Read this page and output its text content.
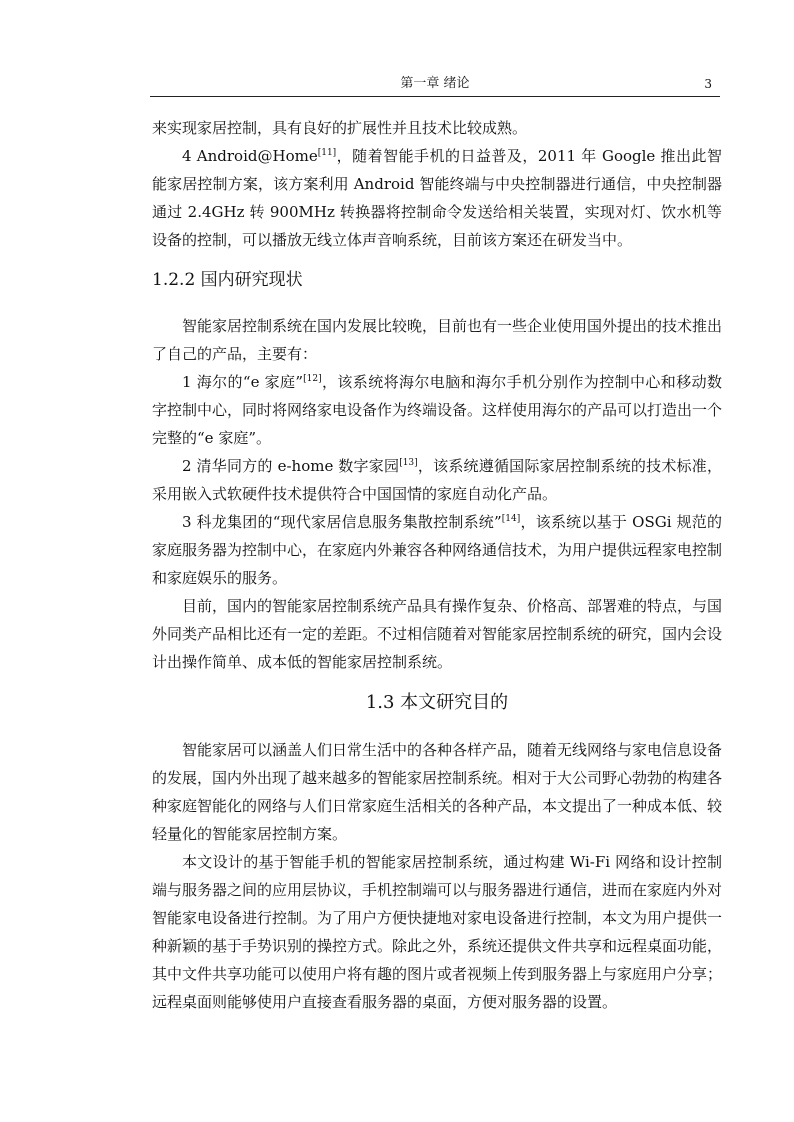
第一章 绪论	3

来实现家居控制，具有良好的扩展性并且技术比较成熟。

4 Android@Home[11]，随着智能手机的日益普及，2011 年 Google 推出此智能家居控制方案，该方案利用 Android 智能终端与中央控制器进行通信，中央控制器通过 2.4GHz 转 900MHz 转换器将控制命令发送给相关装置，实现对灯、饮水机等设备的控制，可以播放无线立体声音响系统，目前该方案还在研发当中。

1.2.2 国内研究现状

智能家居控制系统在国内发展比较晚，目前也有一些企业使用国外提出的技术推出了自己的产品，主要有：

1 海尔的“e 家庭”[12]，该系统将海尔电脑和海尔手机分别作为控制中心和移动数字控制中心，同时将网络家电设备作为终端设备。这样使用海尔的产品可以打造出一个完整的“e 家庭”。

2 清华同方的 e-home 数字家园[13]，该系统遵循国际家居控制系统的技术标准，采用嵌入式软硬件技术提供符合中国国情的家庭自动化产品。

3 科龙集团的“现代家居信息服务集散控制系统”[14]，该系统以基于 OSGi 规范的家庭服务器为控制中心，在家庭内外兼容各种网络通信技术，为用户提供远程家电控制和家庭娱乐的服务。

目前，国内的智能家居控制系统产品具有操作复杂、价格高、部署难的特点，与国外同类产品相比还有一定的差距。不过相信随着对智能家居控制系统的研究，国内会设计出操作简单、成本低的智能家居控制系统。

1.3 本文研究目的

智能家居可以涵盖人们日常生活中的各种各样产品，随着无线网络与家电信息设备的发展，国内外出现了越来越多的智能家居控制系统。相对于大公司野心勃勃的构建各种家庭智能化的网络与人们日常家庭生活相关的各种产品，本文提出了一种成本低、较轻量化的智能家居控制方案。

本文设计的基于智能手机的智能家居控制系统，通过构建 Wi-Fi 网络和设计控制端与服务器之间的应用层协议，手机控制端可以与服务器进行通信，进而在家庭内外对智能家电设备进行控制。为了用户方便快捷地对家电设备进行控制，本文为用户提供一种新颖的基于手势识别的操控方式。除此之外，系统还提供文件共享和远程桌面功能，其中文件共享功能可以使用户将有趣的图片或者视频上传到服务器上与家庭用户分享；远程桌面则能够使用户直接查看服务器的桌面，方便对服务器的设置。
